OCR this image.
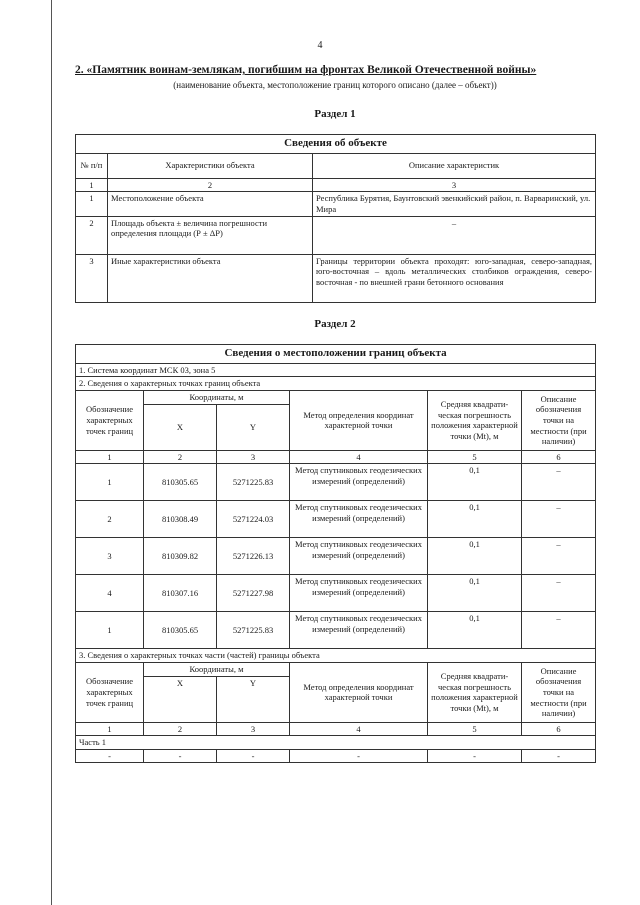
4
2. «Памятник воинам-землякам, погибшим на фронтах Великой Отечественной войны»
(наименование объекта, местоположение границ которого описано (далее – объект))
Раздел 1
Сведения об объекте		
№ п/п	Характеристики объекта	Описание характеристик
1	2	3
1	Местоположение объекта	Республика Бурятия, Баунтовский эвенкийский район, п. Варваринский, ул. Мира
2	Площадь объекта ± величина погрешности определения площади (Р ± ΔР)	–
3	Иные характеристики объекта	Границы территории объекта проходят: юго-западная, северо-западная, юго-восточная – вдоль металлических столбиков ограждения, северо-восточная - по внешней грани бетонного основания
Раздел 2
Сведения о местоположении границ объекта					
1. Система координат МСК 03, зона 5					
2. Сведения о характерных точках границ объекта					
Обозначение характерных точек границ	Координаты, м		Метод определения координат характерной точки	Средняя квадрати-ческая погрешность положения характерной точки (Mt), м	Описание обозначения точки на местности (при наличии)
	X	Y			
1	2	3	4	5	6
1	810305.65	5271225.83	Метод спутниковых геодезических измерений (определений)	0,1	–
2	810308.49	5271224.03	Метод спутниковых геодезических измерений (определений)	0,1	–
3	810309.82	5271226.13	Метод спутниковых геодезических измерений (определений)	0,1	–
4	810307.16	5271227.98	Метод спутниковых геодезических измерений (определений)	0,1	–
1	810305.65	5271225.83	Метод спутниковых геодезических измерений (определений)	0,1	–
3. Сведения о характерных точках части (частей) границы объекта					
Обозначение характерных точек границ	Координаты, м		Метод определения координат характерной точки	Средняя квадрати-ческая погрешность положения характерной точки (Mt), м	Описание обозначения точки на местности (при наличии)
	X	Y			
1	2	3	4	5	6
Часть 1					
-	-	-	-	-	-
